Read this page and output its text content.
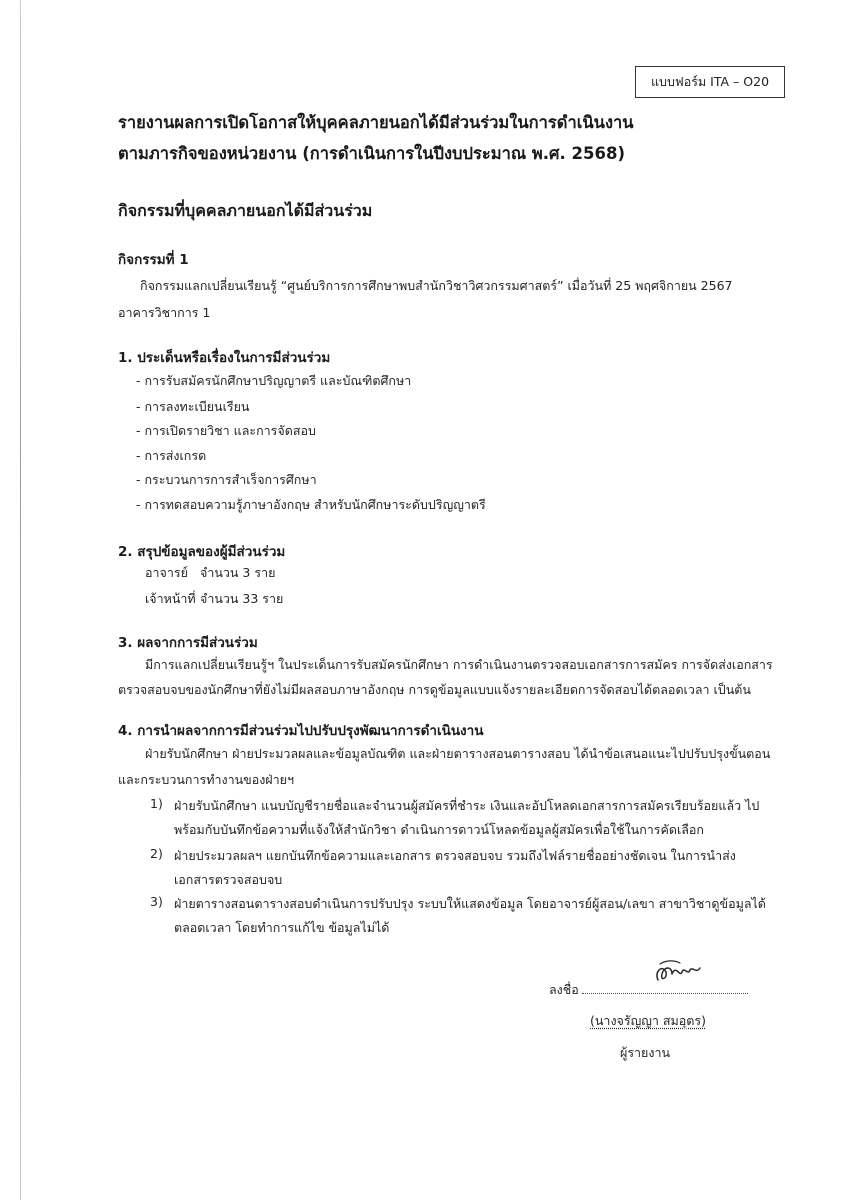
แบบฟอร์ม ITA – O20
รายงานผลการเปิดโอกาสให้บุคคลภายนอกได้มีส่วนร่วมในการดำเนินงาน
ตามภารกิจของหน่วยงาน (การดำเนินการในปีงบประมาณ พ.ศ. 2568)
กิจกรรมที่บุคคลภายนอกได้มีส่วนร่วม
กิจกรรมที่ 1
กิจกรรมแลกเปลี่ยนเรียนรู้ “ศูนย์บริการการศึกษาพบสำนักวิชาวิศวกรรมศาสตร์” เมื่อวันที่ 25 พฤศจิกายน 2567
อาคารวิชาการ 1
1. ประเด็นหรือเรื่องในการมีส่วนร่วม
- การรับสมัครนักศึกษาปริญญาตรี และบัณฑิตศึกษา
- การลงทะเบียนเรียน
- การเปิดรายวิชา และการจัดสอบ
- การส่งเกรด
- กระบวนการการสำเร็จการศึกษา
- การทดสอบความรู้ภาษาอังกฤษ สำหรับนักศึกษาระดับปริญญาตรี
2. สรุปข้อมูลของผู้มีส่วนร่วม
อาจารย์ จำนวน 3 ราย
เจ้าหน้าที่ จำนวน 33 ราย
3. ผลจากการมีส่วนร่วม
มีการแลกเปลี่ยนเรียนรู้ฯ ในประเด็นการรับสมัครนักศึกษา การดำเนินงานตรวจสอบเอกสารการสมัคร การจัดส่งเอกสาร
ตรวจสอบจบของนักศึกษาที่ยังไม่มีผลสอบภาษาอังกฤษ การดูข้อมูลแบบแจ้งรายละเอียดการจัดสอบได้ตลอดเวลา เป็นต้น
4. การนำผลจากการมีส่วนร่วมไปปรับปรุงพัฒนาการดำเนินงาน
ฝ่ายรับนักศึกษา ฝ่ายประมวลผลและข้อมูลบัณฑิต และฝ่ายตารางสอนตารางสอบ ได้นำข้อเสนอแนะไปปรับปรุงขั้นตอน
และกระบวนการทำงานของฝ่ายฯ
1) ฝ่ายรับนักศึกษา แนบบัญชีรายชื่อและจำนวนผู้สมัครที่ชำระ เงินและอัปโหลดเอกสารการสมัครเรียบร้อยแล้ว ไป
พร้อมกับบันทึกข้อความที่แจ้งให้สำนักวิชา ดำเนินการดาวน์โหลดข้อมูลผู้สมัครเพื่อใช้ในการคัดเลือก
2) ฝ่ายประมวลผลฯ แยกบันทึกข้อความและเอกสาร ตรวจสอบจบ รวมถึงไฟล์รายชื่ออย่างชัดเจน ในการนำส่ง
เอกสารตรวจสอบจบ
3) ฝ่ายตารางสอนตารางสอบดำเนินการปรับปรุง ระบบให้แสดงข้อมูล โดยอาจารย์ผู้สอน/เลขา สาขาวิชาดูข้อมูลได้
ตลอดเวลา โดยทำการแก้ไข ข้อมูลไม่ได้
ลงชื่อ
(นางจรัญญา สมอุตร)
ผู้รายงาน
